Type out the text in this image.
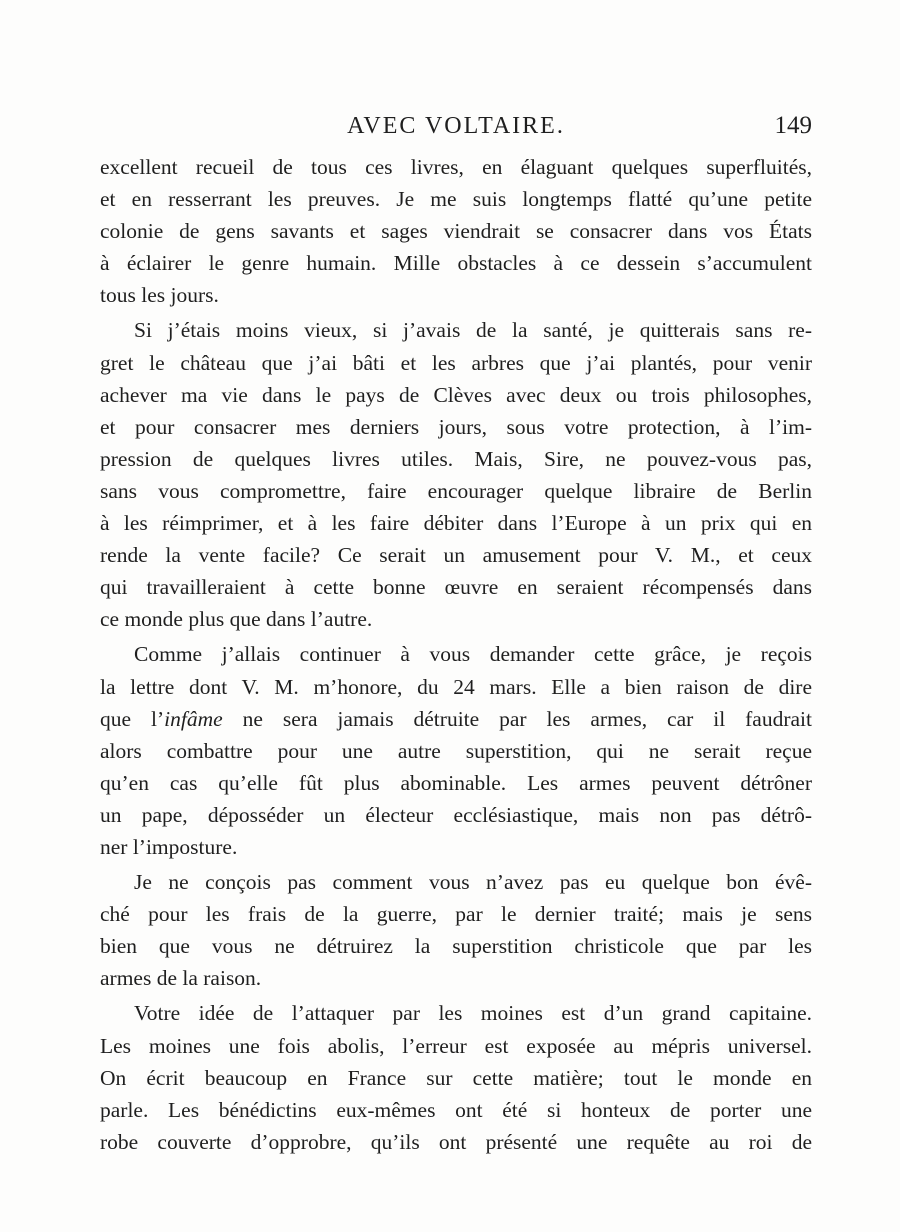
AVEC VOLTAIRE.	149
excellent recueil de tous ces livres, en élaguant quelques superfluités,
et en resserrant les preuves. Je me suis longtemps flatté qu’une petite
colonie de gens savants et sages viendrait se consacrer dans vos États
à éclairer le genre humain. Mille obstacles à ce dessein s’accumulent
tous les jours.
Si j’étais moins vieux, si j’avais de la santé, je quitterais sans re-
gret le château que j’ai bâti et les arbres que j’ai plantés, pour venir
achever ma vie dans le pays de Clèves avec deux ou trois philosophes,
et pour consacrer mes derniers jours, sous votre protection, à l’im-
pression de quelques livres utiles. Mais, Sire, ne pouvez-vous pas,
sans vous compromettre, faire encourager quelque libraire de Berlin
à les réimprimer, et à les faire débiter dans l’Europe à un prix qui en
rende la vente facile? Ce serait un amusement pour V. M., et ceux
qui travailleraient à cette bonne œuvre en seraient récompensés dans
ce monde plus que dans l’autre.
Comme j’allais continuer à vous demander cette grâce, je reçois
la lettre dont V. M. m’honore, du 24 mars. Elle a bien raison de dire
que l’infâme ne sera jamais détruite par les armes, car il faudrait
alors combattre pour une autre superstition, qui ne serait reçue
qu’en cas qu’elle fût plus abominable. Les armes peuvent détrôner
un pape, déposséder un électeur ecclésiastique, mais non pas détrô-
ner l’imposture.
Je ne conçois pas comment vous n’avez pas eu quelque bon évê-
ché pour les frais de la guerre, par le dernier traité; mais je sens
bien que vous ne détruirez la superstition christicole que par les
armes de la raison.
Votre idée de l’attaquer par les moines est d’un grand capitaine.
Les moines une fois abolis, l’erreur est exposée au mépris universel.
On écrit beaucoup en France sur cette matière; tout le monde en
parle. Les bénédictins eux-mêmes ont été si honteux de porter une
robe couverte d’opprobre, qu’ils ont présenté une requête au roi de
